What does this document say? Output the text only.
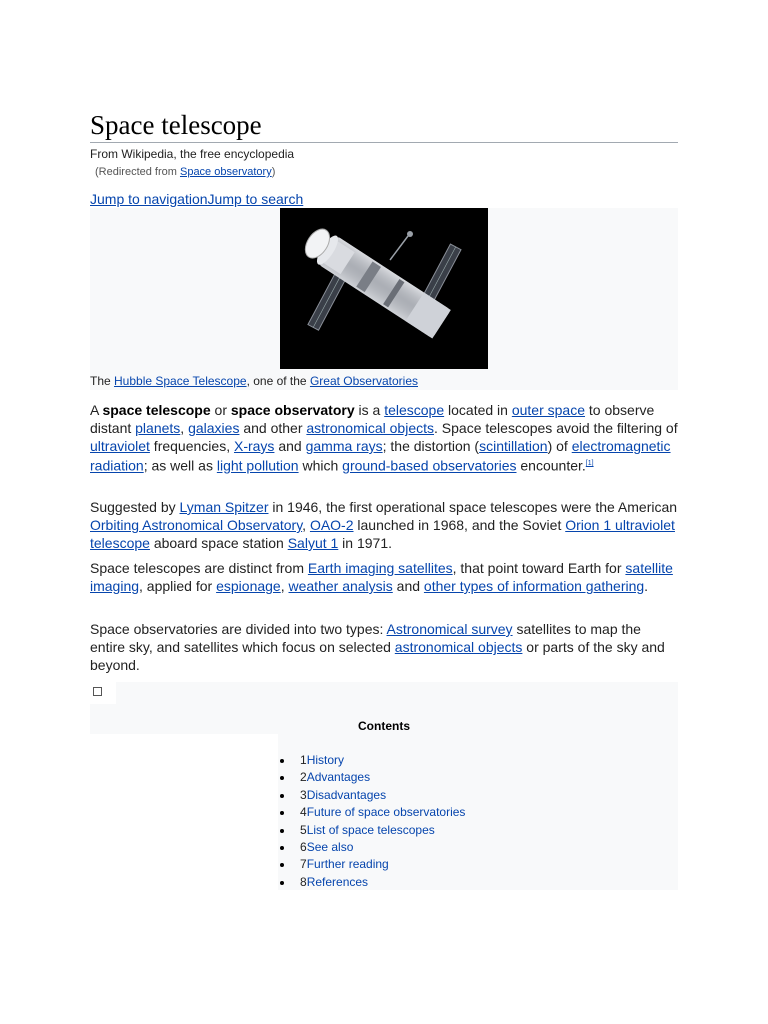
Space telescope
From Wikipedia, the free encyclopedia
(Redirected from Space observatory)
Jump to navigationJump to search
The Hubble Space Telescope, one of the Great Observatories

A space telescope or space observatory is a telescope located in outer space to observe distant planets, galaxies and other astronomical objects. Space telescopes avoid the filtering of ultraviolet frequencies, X-rays and gamma rays; the distortion (scintillation) of electromagnetic radiation; as well as light pollution which ground-based observatories encounter.[1]

Suggested by Lyman Spitzer in 1946, the first operational space telescopes were the American Orbiting Astronomical Observatory, OAO-2 launched in 1968, and the Soviet Orion 1 ultraviolet telescope aboard space station Salyut 1 in 1971.

Space telescopes are distinct from Earth imaging satellites, that point toward Earth for satellite imaging, applied for espionage, weather analysis and other types of information gathering.

Space observatories are divided into two types: Astronomical survey satellites to map the entire sky, and satellites which focus on selected astronomical objects or parts of the sky and beyond.

Contents
1History
2Advantages
3Disadvantages
4Future of space observatories
5List of space telescopes
6See also
7Further reading
8References
